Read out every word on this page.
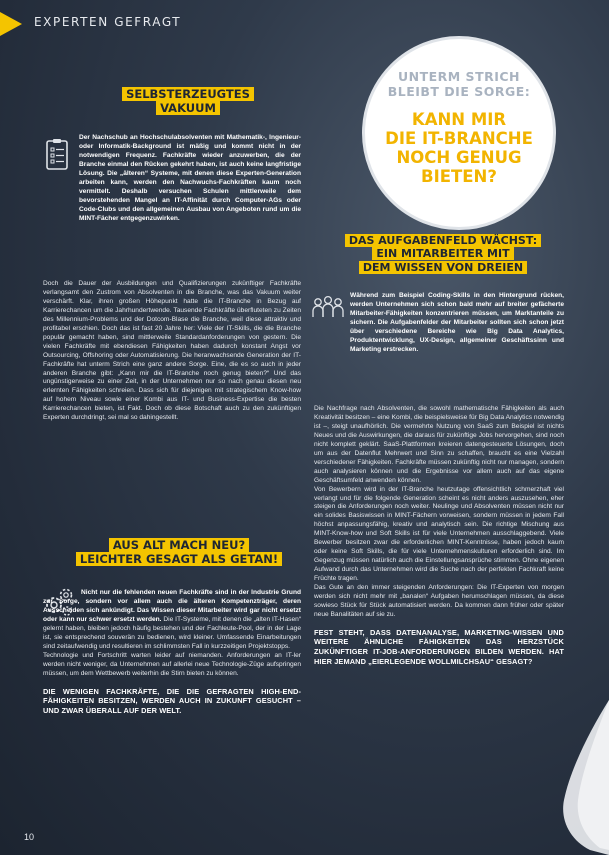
EXPERTEN GEFRAGT
SELBSTERZEUGTES
VAKUUM

Der Nachschub an Hochschulabsolventen mit Mathematik-, Ingenieur- oder Informatik-Background ist mäßig und kommt nicht in der notwendigen Frequenz. Fachkräfte wieder anzuwerben, die der Branche einmal den Rücken gekehrt haben, ist auch keine langfristige Lösung. Die „älteren“ Systeme, mit denen diese Experten-Generation arbeiten kann, werden den Nachwuchs-Fachkräften kaum noch vermittelt. Deshalb versuchen Schulen mittlerweile dem bevorstehenden Mangel an IT-Affinität durch Computer-AGs oder Code-Clubs und den allgemeinen Ausbau von Angeboten rund um die MINT-Fächer entgegenzuwirken.

Doch die Dauer der Ausbildungen und Qualifizierungen zukünftiger Fachkräfte verlangsamt den Zustrom von Absolventen in die Branche, was das Vakuum weiter verschärft. Klar, ihren großen Höhepunkt hatte die IT-Branche in Bezug auf Karrierechancen um die Jahrhundertwende. Tausende Fachkräfte überfluteten zu Zeiten des Millennium-Problems und der Dotcom-Blase die Branche, weil diese attraktiv und profitabel erschien. Doch das ist fast 20 Jahre her: Viele der IT-Skills, die die Branche populär gemacht haben, sind mittlerweile Standardanforderungen von gestern. Die vielen Fachkräfte mit ebendiesen Fähigkeiten haben dadurch konstant Angst vor Outsourcing, Offshoring oder Automatisierung. Die heranwachsende Generation der IT-Fachkräfte hat unterm Strich eine ganz andere Sorge. Eine, die es so auch in jeder anderen Branche gibt: „Kann mir die IT-Branche noch genug bieten?“ Und das ungünstigerweise zu einer Zeit, in der Unternehmen nur so nach genau diesen neu erlernten Fähigkeiten schreien. Dass sich für diejenigen mit strategischem Know-how auf hohem Niveau sowie einer Kombi aus IT- und Business-Expertise die besten Karrierechancen bieten, ist Fakt. Doch ob diese Botschaft auch zu den zukünftigen Experten durchdringt, sei mal so dahingestellt.

AUS ALT MACH NEU?
LEICHTER GESAGT ALS GETAN!

Nicht nur die fehlenden neuen Fachkräfte sind in der Industrie Grund zur Sorge, sondern vor allem auch die älteren Kompetenzträger, deren Ausscheiden sich ankündigt. Das Wissen dieser Mitarbeiter wird gar nicht ersetzt oder kann nur schwer ersetzt werden. Die IT-Systeme, mit denen die „alten IT-Hasen“ gelernt haben, bleiben jedoch häufig bestehen und der Fachleute-Pool, der in der Lage ist, sie entsprechend souverän zu bedienen, wird kleiner. Umfassende Einarbeitungen sind zeitaufwendig und resultieren im schlimmsten Fall in kurzzeitigen Projektstopps.

Technologie und Fortschritt warten leider auf niemanden. Anforderungen an IT-ler werden nicht weniger, da Unternehmen auf allerlei neue Technologie-Züge aufspringen müssen, um dem Wettbewerb weiterhin die Stirn bieten zu können.

DIE WENIGEN FACHKRÄFTE, DIE DIE GEFRAGTEN HIGH-END-FÄHIGKEITEN BESITZEN, WERDEN AUCH IN ZUKUNFT GESUCHT – UND ZWAR ÜBERALL AUF DER WELT.

UNTERM STRICH
BLEIBT DIE SORGE:
KANN MIR
DIE IT-BRANCHE
NOCH GENUG
BIETEN?
DAS AUFGABENFELD WÄCHST:
EIN MITARBEITER MIT
DEM WISSEN VON DREIEN

Während zum Beispiel Coding-Skills in den Hintergrund rücken, werden Unternehmen sich schon bald mehr auf breiter gefächerte Mitarbeiter-Fähigkeiten konzentrieren müssen, um Marktanteile zu sichern. Die Aufgabenfelder der Mitarbeiter sollten sich schon jetzt über verschiedene Bereiche wie Big Data Analytics, Produktentwicklung, UX-Design, allgemeiner Geschäftssinn und Marketing erstrecken.

Die Nachfrage nach Absolventen, die sowohl mathematische Fähigkeiten als auch Kreativität besitzen – eine Kombi, die beispielsweise für Big Data Analytics notwendig ist –, steigt unaufhörlich. Die vermehrte Nutzung von SaaS zum Beispiel ist nichts Neues und die Auswirkungen, die daraus für zukünftige Jobs hervorgehen, sind noch nicht komplett geklärt. SaaS-Plattformen kreieren datengesteuerte Lösungen, doch um aus der Datenflut Mehrwert und Sinn zu schaffen, braucht es eine Vielzahl verschiedener Fähigkeiten. Fachkräfte müssen zukünftig nicht nur managen, sondern auch analysieren können und die Ergebnisse vor allem auch auf das eigene Geschäftsumfeld anwenden können.

Von Bewerbern wird in der IT-Branche heutzutage offensichtlich schmerzhaft viel verlangt und für die folgende Generation scheint es nicht anders auszusehen, eher steigen die Anforderungen noch weiter. Neulinge und Absolventen müssen nicht nur ein solides Basiswissen in MINT-Fächern vorweisen, sondern müssen in jedem Fall höchst anpassungsfähig, kreativ und analytisch sein. Die richtige Mischung aus MINT-Know-how und Soft Skills ist für viele Unternehmen ausschlaggebend. Viele Bewerber besitzen zwar die erforderlichen MINT-Kenntnisse, haben jedoch kaum oder keine Soft Skills, die für viele Unternehmenskulturen erforderlich sind. Im Gegenzug müssen natürlich auch die Einstellungsansprüche stimmen. Ohne eigenen Aufwand durch das Unternehmen wird die Suche nach der perfekten Fachkraft keine Früchte tragen.

Das Gute an den immer steigenden Anforderungen: Die IT-Experten von morgen werden sich nicht mehr mit „banalen“ Aufgaben herumschlagen müssen, da diese sowieso Stück für Stück automatisiert werden. Da kommen dann früher oder später neue Banalitäten auf sie zu.

FEST STEHT, DASS DATENANALYSE, MARKETING-WISSEN UND WEITERE ÄHNLICHE FÄHIGKEITEN DAS HERZSTÜCK ZUKÜNFTIGER IT-JOB-ANFORDERUNGEN BILDEN WERDEN. HAT HIER JEMAND „EIERLEGENDE WOLLMILCHSAU“ GESAGT?

10
